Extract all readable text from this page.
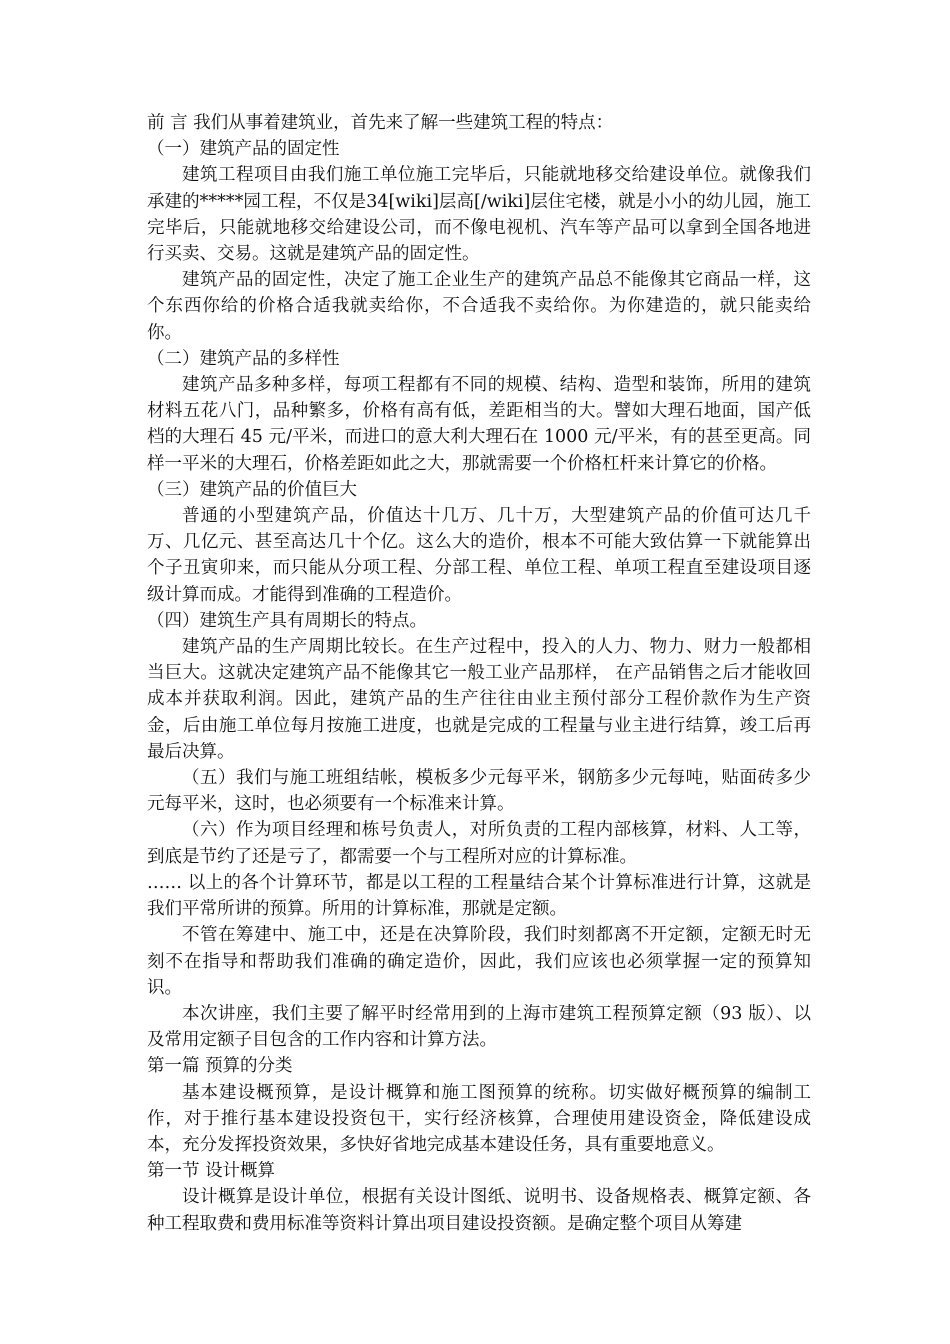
前 言 我们从事着建筑业，首先来了解一些建筑工程的特点：

（一）建筑产品的固定性

建筑工程项目由我们施工单位施工完毕后，只能就地移交给建设单位。就像我们承建的*****园工程，不仅是34[wiki]层高[/wiki]层住宅楼，就是小小的幼儿园，施工完毕后，只能就地移交给建设公司，而不像电视机、汽车等产品可以拿到全国各地进行买卖、交易。这就是建筑产品的固定性。

建筑产品的固定性，决定了施工企业生产的建筑产品总不能像其它商品一样，这个东西你给的价格合适我就卖给你，不合适我不卖给你。为你建造的，就只能卖给你。

（二）建筑产品的多样性

建筑产品多种多样，每项工程都有不同的规模、结构、造型和装饰，所用的建筑材料五花八门，品种繁多，价格有高有低，差距相当的大。譬如大理石地面，国产低档的大理石 45 元/平米，而进口的意大利大理石在 1000 元/平米，有的甚至更高。同样一平米的大理石，价格差距如此之大，那就需要一个价格杠杆来计算它的价格。

（三）建筑产品的价值巨大

普通的小型建筑产品，价值达十几万、几十万，大型建筑产品的价值可达几千万、几亿元、甚至高达几十个亿。这么大的造价，根本不可能大致估算一下就能算出个子丑寅卯来，而只能从分项工程、分部工程、单位工程、单项工程直至建设项目逐级计算而成。才能得到准确的工程造价。

（四）建筑生产具有周期长的特点。

建筑产品的生产周期比较长。在生产过程中，投入的人力、物力、财力一般都相当巨大。这就决定建筑产品不能像其它一般工业产品那样， 在产品销售之后才能收回成本并获取利润。因此，建筑产品的生产往往由业主预付部分工程价款作为生产资金，后由施工单位每月按施工进度，也就是完成的工程量与业主进行结算，竣工后再最后决算。

（五）我们与施工班组结帐，模板多少元每平米，钢筋多少元每吨，贴面砖多少元每平米，这时，也必须要有一个标准来计算。

（六）作为项目经理和栋号负责人，对所负责的工程内部核算，材料、人工等，到底是节约了还是亏了，都需要一个与工程所对应的计算标准。

…… 以上的各个计算环节，都是以工程的工程量结合某个计算标准进行计算，这就是我们平常所讲的预算。所用的计算标准，那就是定额。

不管在筹建中、施工中，还是在决算阶段，我们时刻都离不开定额，定额无时无刻不在指导和帮助我们准确的确定造价，因此，我们应该也必须掌握一定的预算知识。

本次讲座，我们主要了解平时经常用到的上海市建筑工程预算定额（93 版）、以及常用定额子目包含的工作内容和计算方法。

第一篇 预算的分类

基本建设概预算，是设计概算和施工图预算的统称。切实做好概预算的编制工作，对于推行基本建设投资包干，实行经济核算，合理使用建设资金，降低建设成本，充分发挥投资效果，多快好省地完成基本建设任务，具有重要地意义。

第一节 设计概算

设计概算是设计单位，根据有关设计图纸、说明书、设备规格表、概算定额、各种工程取费和费用标准等资料计算出项目建设投资额。是确定整个项目从筹建
